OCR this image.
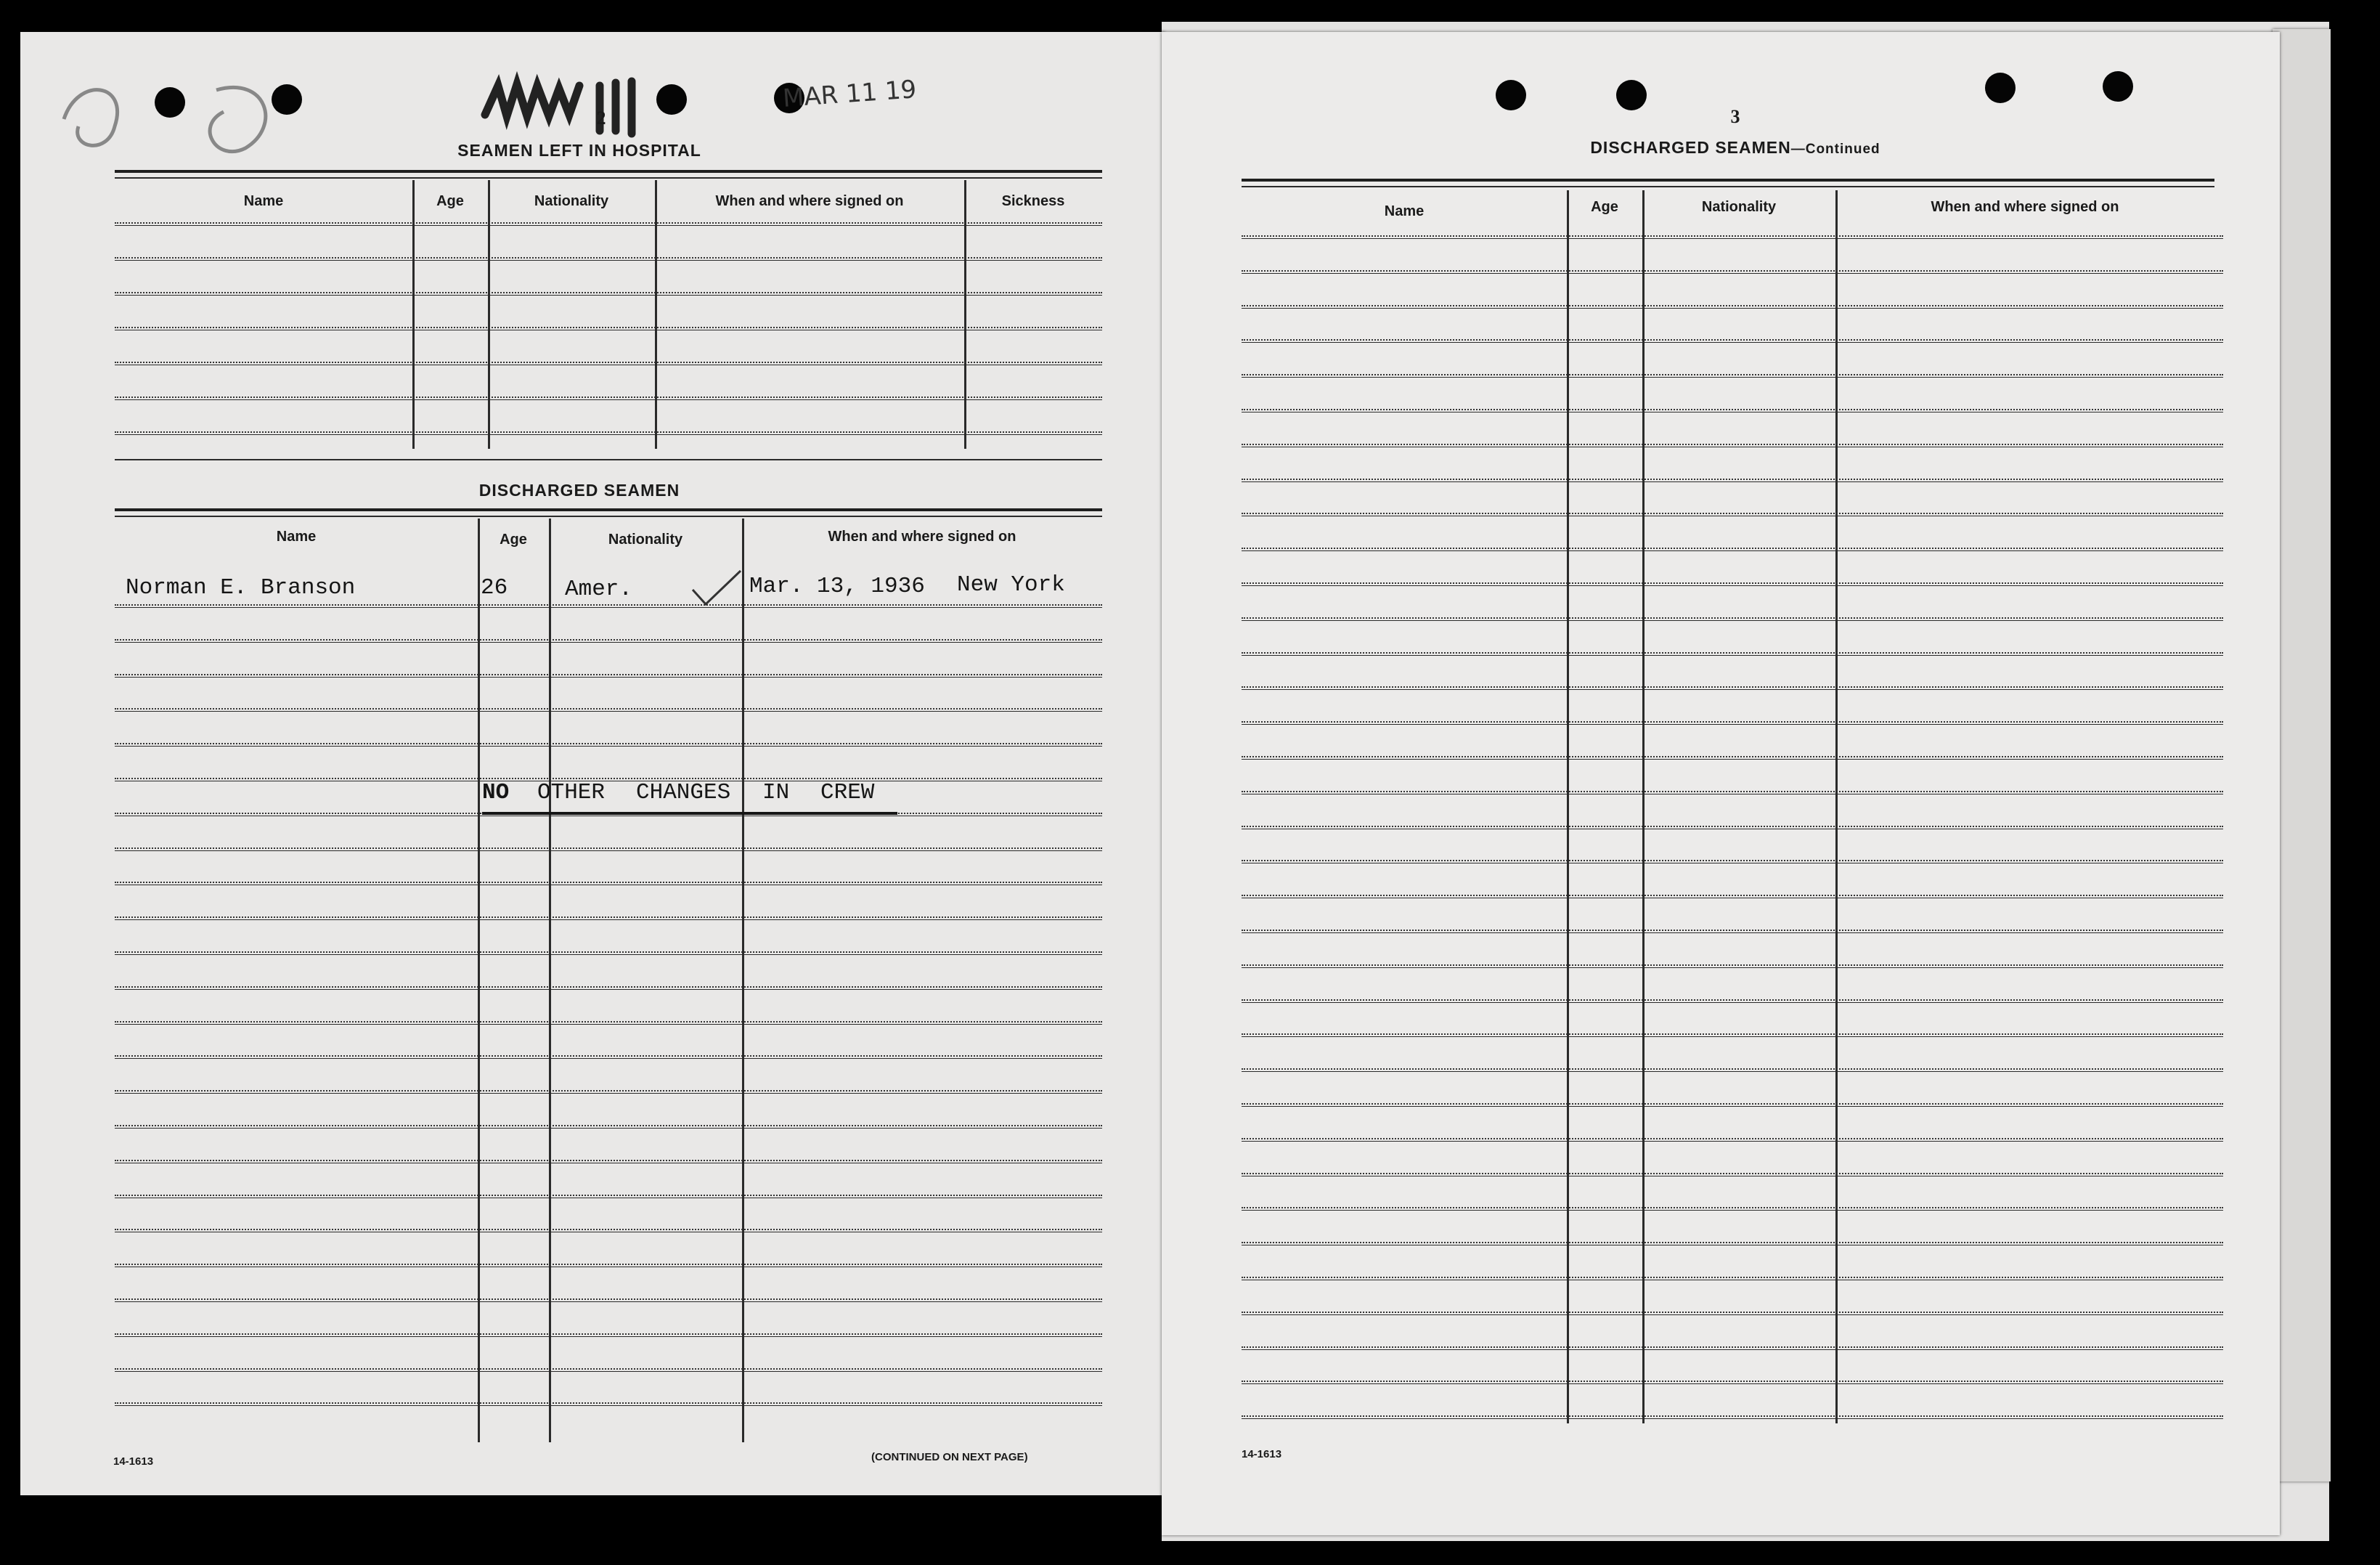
MAR 11 19
2
SEAMEN LEFT IN HOSPITAL
Name	Age	Nationality	When and where signed on	Sickness
DISCHARGED SEAMEN
Name	Age	Nationality	When and where signed on
Norman E. Branson	26	Amer.	Mar. 13, 1936 New York
NO OTHER CHANGES IN CREW
14-1613	(CONTINUED ON NEXT PAGE)
3
DISCHARGED SEAMEN—Continued
Name	Age	Nationality	When and where signed on
14-1613
